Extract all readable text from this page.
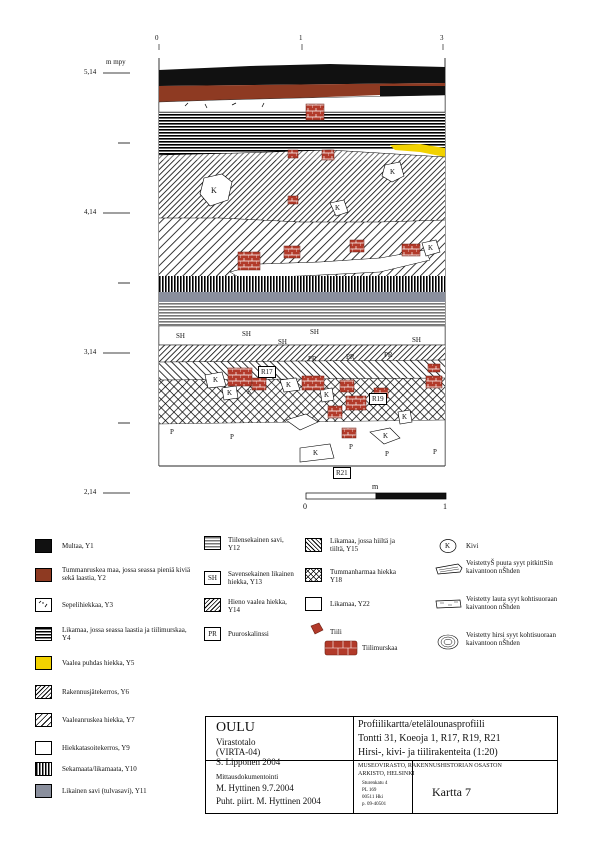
0	1	3
m mpy
5,14
4,14
3,14
2,14
m
0	1
K
K
K
K
K
K
K
K
K
K
K
K
SH	SH	SH
SH
SH
PR	PR	PR
P
P
P
P	P
R17
R19
R21
Multaa, Y1
Tummanruskea maa, jossa seassa pieniä kiviä sekä laastia, Y2
Sepelihiekkaa, Y3
Likamaa, jossa seassa laastia ja tiilimurskaa, Y4
Vaalea puhdas hiekka, Y5
Rakennusjätekerros, Y6
Vaaleanruskea hiekka, Y7
Hiekkatasoitekerros, Y9
Sekamaata/likamaata, Y10
Likainen savi (tulvasavi), Y11
Tiilensekainen savi, Y12
SH	Savensekainen likainen hiekka, Y13
Hieno vaalea hiekka, Y14
PR	Puuroskalinssi
Likamaa, jossa hiiltä ja tiiltä, Y15
Tummanharmaa hiekka Y18
Likamaa, Y22
Tiili
Tiilimurskaa
K Kivi
VeistettyŠ puuta syyt pitkittSin kaivantoon nŠhden
Veistetty lauta syyt kohtisuoraan kaivantoon nŠhden
Veistetty hirsi syyt kohtisuoraan kaivantoon nŠhden
OULU
Virastotalo
(VIRTA-04)
S. Lipponen 2004
Mittausdokumentointi
M. Hyttinen 9.7.2004
Puht. piirt. M. Hyttinen 2004
Profiilikartta/etelälounasprofiili
Tontti 31, Koeoja 1, R17, R19, R21
Hirsi-, kivi- ja tiilirakenteita (1:20)
MUSEOVIRASTO, RAKENNUSHISTORIAN OSASTON
ARKISTO, HELSINKI
Sturenkatu 4
PL 169
00511 Hki
p. 09-40501
Kartta 7
